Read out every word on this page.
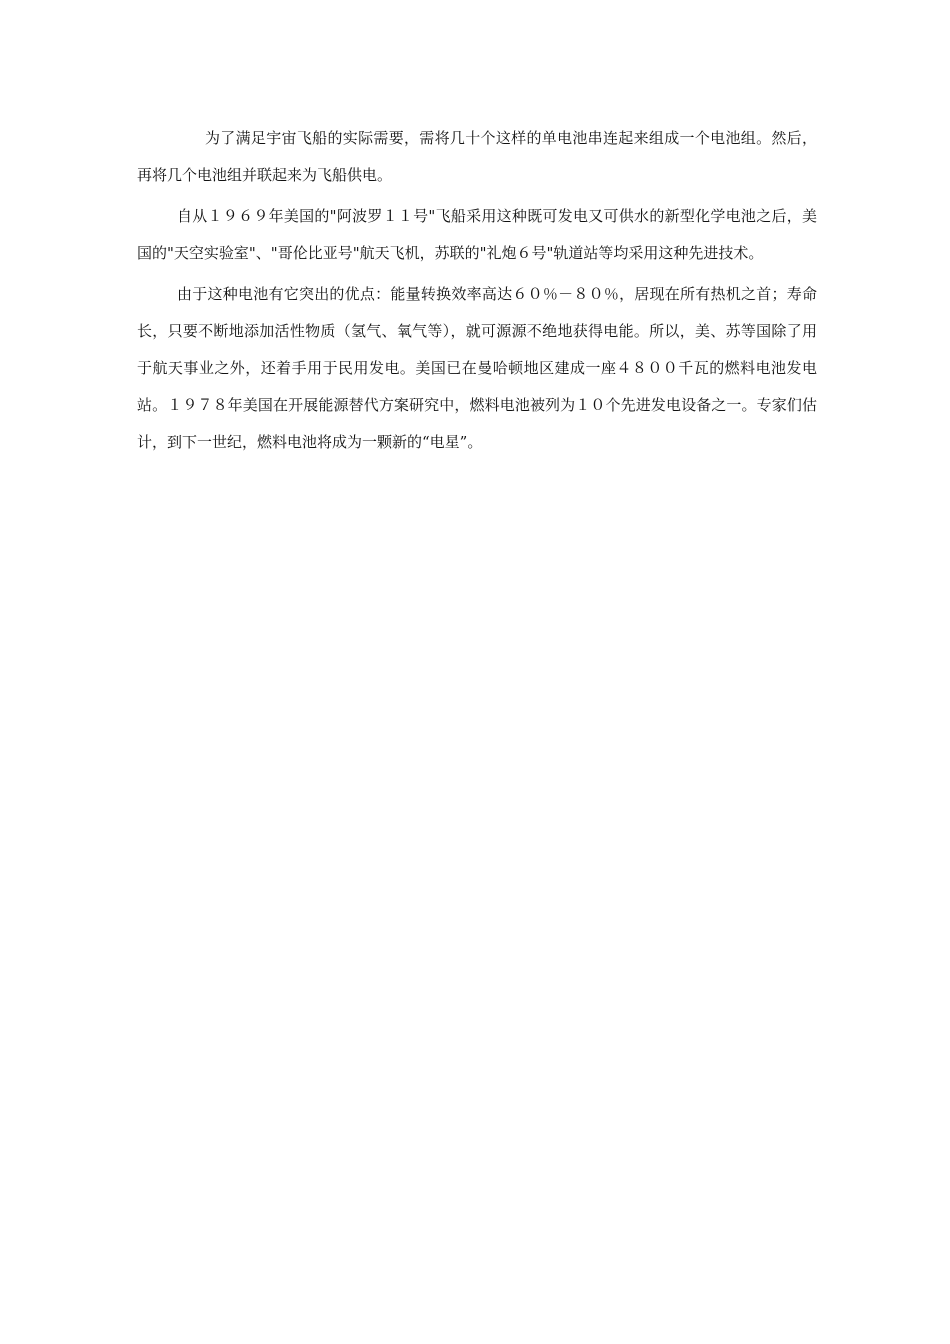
为了满足宇宙飞船的实际需要，需将几十个这样的单电池串连起来组成一个电池组。然后，再将几个电池组并联起来为飞船供电。

自从１９６９年美国的"阿波罗１１号"飞船采用这种既可发电又可供水的新型化学电池之后，美国的"天空实验室"、"哥伦比亚号"航天飞机，苏联的"礼炮６号"轨道站等均采用这种先进技术。

由于这种电池有它突出的优点：能量转换效率高达６０％－８０％，居现在所有热机之首；寿命长，只要不断地添加活性物质（氢气、氧气等），就可源源不绝地获得电能。所以，美、苏等国除了用于航天事业之外，还着手用于民用发电。美国已在曼哈顿地区建成一座４８００千瓦的燃料电池发电站。１９７８年美国在开展能源替代方案研究中，燃料电池被列为１０个先进发电设备之一。专家们估计，到下一世纪，燃料电池将成为一颗新的“电星”。
